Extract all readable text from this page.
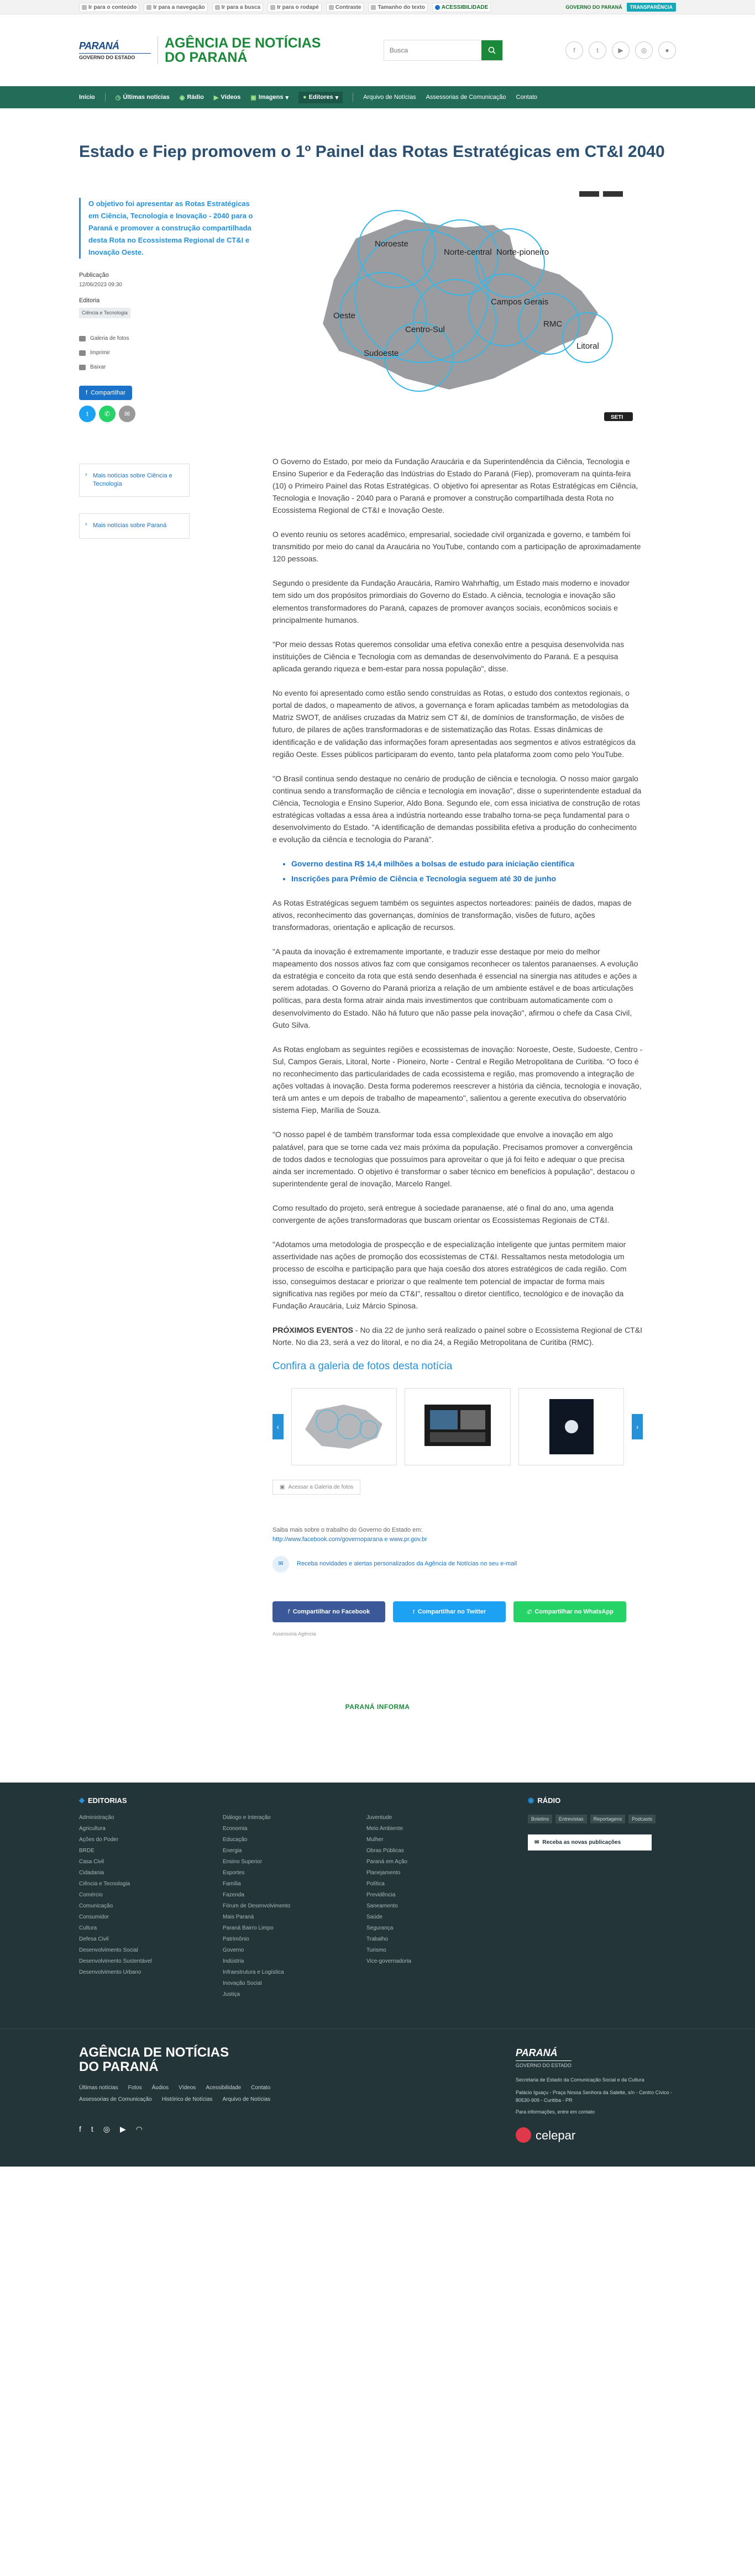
Ir para o conteúdo	Ir para a navegação	Ir para a busca	Ir para o rodapé	Contraste	Tamanho do texto	ACESSIBILIDADE	GOVERNO DO PARANÁ	TRANSPARÊNCIA
PARANÁ
GOVERNO DO ESTADO
AGÊNCIA DE NOTÍCIAS
DO PARANÁ
Busca	f	t	▶	◎	●
Início	◷ Últimas notícias ◉ Rádio ▶ Vídeos ▣ Imagens ▾ ● Editores ▾	Arquivo de Notícias Assessorias de Comunicação Contato
Estado e Fiep promovem o 1º Painel das Rotas Estratégicas em CT&I 2040
O objetivo foi apresentar as Rotas Estratégicas em Ciência, Tecnologia e Inovação - 2040 para o Paraná e promover a construção compartilhada desta Rota no Ecossistema Regional de CT&I e Inovação Oeste.
Publicação
12/06/2023 09:30
Editoria
Ciência e Tecnologia
Galeria de fotos
Imprimir
Baixar
f Compartilhar
t	✆	✉
› Mais notícias sobre Ciência e Tecnologia
› Mais notícias sobre Paraná
Noroeste
Norte-central Norte-pioneiro
Oeste
Campos Gerais
Centro-Sul
RMC
Sudoeste
Litoral
SETI

O Governo do Estado, por meio da Fundação Araucária e da Superintendência da Ciência, Tecnologia e Ensino Superior e da Federação das Indústrias do Estado do Paraná (Fiep), promoveram na quinta-feira (10) o Primeiro Painel das Rotas Estratégicas. O objetivo foi apresentar as Rotas Estratégicas em Ciência, Tecnologia e Inovação - 2040 para o Paraná e promover a construção compartilhada desta Rota no Ecossistema Regional de CT&I e Inovação Oeste.

O evento reuniu os setores acadêmico, empresarial, sociedade civil organizada e governo, e também foi transmitido por meio do canal da Araucária no YouTube, contando com a participação de aproximadamente 120 pessoas.

Segundo o presidente da Fundação Araucária, Ramiro Wahrhaftig, um Estado mais moderno e inovador tem sido um dos propósitos primordiais do Governo do Estado. A ciência, tecnologia e inovação são elementos transformadores do Paraná, capazes de promover avanços sociais, econômicos sociais e principalmente humanos.

"Por meio dessas Rotas queremos consolidar uma efetiva conexão entre a pesquisa desenvolvida nas instituições de Ciência e Tecnologia com as demandas de desenvolvimento do Paraná. E a pesquisa aplicada gerando riqueza e bem-estar para nossa população", disse.

No evento foi apresentado como estão sendo construídas as Rotas, o estudo dos contextos regionais, o portal de dados, o mapeamento de ativos, a governança e foram aplicadas também as metodologias da Matriz SWOT, de análises cruzadas da Matriz sem CT &I, de domínios de transformação, de visões de futuro, de pilares de ações transformadoras e de sistematização das Rotas. Essas dinâmicas de identificação e de validação das informações foram apresentadas aos segmentos e ativos estratégicos da região Oeste. Esses públicos participaram do evento, tanto pela plataforma zoom como pelo YouTube.

"O Brasil continua sendo destaque no cenário de produção de ciência e tecnologia. O nosso maior gargalo continua sendo a transformação de ciência e tecnologia em inovação", disse o superintendente estadual da Ciência, Tecnologia e Ensino Superior, Aldo Bona. Segundo ele, com essa iniciativa de construção de rotas estratégicas voltadas a essa área a indústria norteando esse trabalho torna-se peça fundamental para o desenvolvimento do Estado. "A identificação de demandas possibilita efetiva a produção do conhecimento e evolução da ciência e tecnologia do Paraná".

• Governo destina R$ 14,4 milhões a bolsas de estudo para iniciação científica
• Inscrições para Prêmio de Ciência e Tecnologia seguem até 30 de junho

As Rotas Estratégicas seguem também os seguintes aspectos norteadores: painéis de dados, mapas de ativos, reconhecimento das governanças, domínios de transformação, visões de futuro, ações transformadoras, orientação e aplicação de recursos.

"A pauta da inovação é extremamente importante, e traduzir esse destaque por meio do melhor mapeamento dos nossos ativos faz com que consigamos reconhecer os talentos paranaenses. A evolução da estratégia e conceito da rota que está sendo desenhada é essencial na sinergia nas atitudes e ações a serem adotadas. O Governo do Paraná prioriza a relação de um ambiente estável e de boas articulações políticas, para desta forma atrair ainda mais investimentos que contribuam automaticamente com o desenvolvimento do Estado. Não há futuro que não passe pela inovação", afirmou o chefe da Casa Civil, Guto Silva.

As Rotas englobam as seguintes regiões e ecossistemas de inovação: Noroeste, Oeste, Sudoeste, Centro - Sul, Campos Gerais, Litoral, Norte - Pioneiro, Norte - Central e Região Metropolitana de Curitiba. "O foco é no reconhecimento das particularidades de cada ecossistema e região, mas promovendo a integração de ações voltadas à inovação. Desta forma poderemos reescrever a história da ciência, tecnologia e inovação, terá um antes e um depois de trabalho de mapeamento", salientou a gerente executiva do observatório sistema Fiep, Marília de Souza.

"O nosso papel é de também transformar toda essa complexidade que envolve a inovação em algo palatável, para que se torne cada vez mais próxima da população. Precisamos promover a convergência de todos dados e tecnologias que possuímos para aproveitar o que já foi feito e adequar o que precisa ainda ser incrementado. O objetivo é transformar o saber técnico em benefícios à população", destacou o superintendente geral de inovação, Marcelo Rangel.

Como resultado do projeto, será entregue à sociedade paranaense, até o final do ano, uma agenda convergente de ações transformadoras que buscam orientar os Ecossistemas Regionais de CT&I.

"Adotamos uma metodologia de prospecção e de especialização inteligente que juntas permitem maior assertividade nas ações de promoção dos ecossistemas de CT&I. Ressaltamos nesta metodologia um processo de escolha e participação para que haja coesão dos atores estratégicos de cada região. Com isso, conseguimos destacar e priorizar o que realmente tem potencial de impactar de forma mais significativa nas regiões por meio da CT&I", ressaltou o diretor científico, tecnológico e de inovação da Fundação Araucária, Luiz Márcio Spinosa.

PRÓXIMOS EVENTOS - No dia 22 de junho será realizado o painel sobre o Ecossistema Regional de CT&I Norte. No dia 23, será a vez do litoral, e no dia 24, a Região Metropolitana de Curitiba (RMC).

Confira a galeria de fotos desta notícia
‹	›
▣ Acessar a Galeria de fotos
Saiba mais sobre o trabalho do Governo do Estado em:
http://www.facebook.com/governoparana e www.pr.gov.br
✉	Receba novidades e alertas personalizados da Agência de Notícias no seu e-mail
f Compartilhar no Facebook	t Compartilhar no Twitter	✆ Compartilhar no WhatsApp
Assessoria Agência
PARANÁ INFORMA
◆ EDITORIAS
Administração	Diálogo e Interação	Juventude
Agricultura	Economia	Meio Ambiente
Ações do Poder	Educação	Mulher
BRDE	Energia	Obras Públicas
Casa Civil	Ensino Superior	Paraná em Ação
Cidadania	Esportes	Planejamento
Ciência e Tecnologia	Família	Política
Comércio	Fazenda	Previdência
Comunicação	Fórum de Desenvolvimento	Saneamento
Consumidor	Mais Paraná	Saúde
Cultura	Paraná Bairro Limpo	Segurança
Defesa Civil	Patrimônio	Trabalho
Desenvolvimento Social	Governo	Turismo
Desenvolvimento Sustentável	Indústria	Vice-governadoria
Desenvolvimento Urbano	Infraestrutura e Logística
Inovação Social
Justiça
◉ RÁDIO
Boletins	Entrevistas	Reportagens	Podcasts
✉ Receba as novas publicações
AGÊNCIA DE NOTÍCIAS
DO PARANÁ
Últimas notícias Fotos Áudios Vídeos Acessibilidade Contato
Assessorias de Comunicação Histórico de Notícias Arquivo de Notícias
f t ◎ ▶ ◠
PARANÁ
GOVERNO DO ESTADO
Secretaria de Estado da Comunicação Social e da Cultura
Palácio Iguaçu - Praça Nossa Senhora da Salette, s/n - Centro Cívico - 80530-909 - Curitiba - PR
Para informações, entre em contato
celepar
